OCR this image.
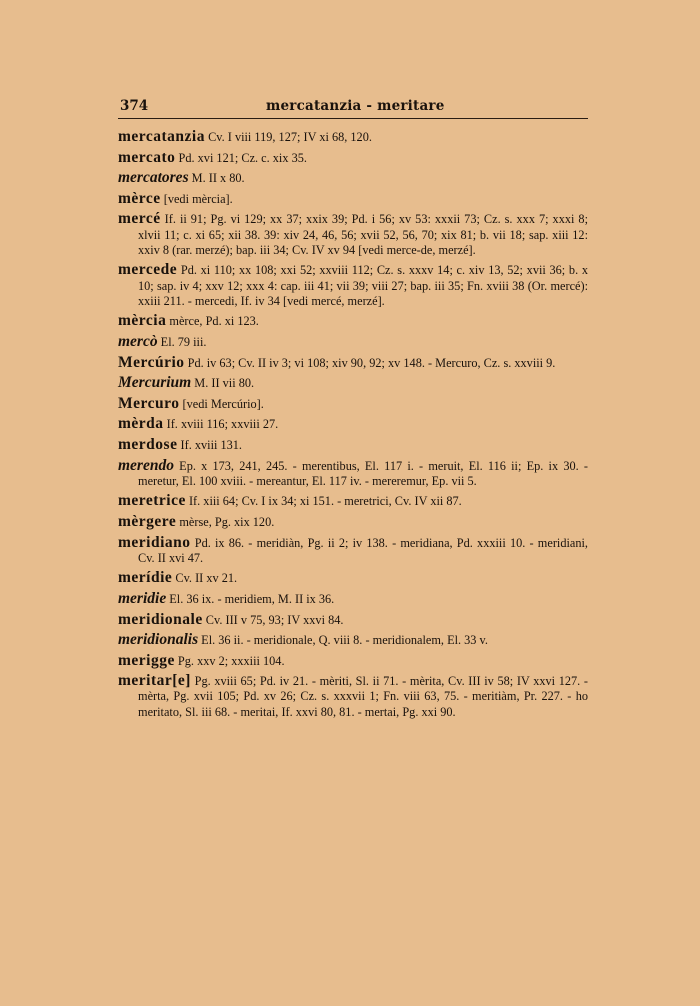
374	mercatanzia - meritare
mercatanzia Cv. I viii 119, 127; IV xi 68, 120.
mercato Pd. xvi 121; Cz. c. xix 35.
mercatores M. II x 80.
mèrce [vedi mèrcia].
mercé If. ii 91; Pg. vi 129; xx 37; xxix 39; Pd. i 56; xv 53: xxxii 73; Cz. s. xxx 7; xxxi 8; xlvii 11; c. xi 65; xii 38. 39: xiv 24, 46, 56; xvii 52, 56, 70; xix 81; b. vii 18; sap. xiii 12: xxiv 8 (rar. merzé); bap. iii 34; Cv. IV xv 94 [vedi merce-de, merzé].
mercede Pd. xi 110; xx 108; xxi 52; xxviii 112; Cz. s. xxxv 14; c. xiv 13, 52; xvii 36; b. x 10; sap. iv 4; xxv 12; xxx 4: cap. iii 41; vii 39; viii 27; bap. iii 35; Fn. xviii 38 (Or. mercé): xxiii 211. - mercedi, If. iv 34 [vedi mercé, merzé].
mèrcia mèrce, Pd. xi 123.
mercò El. 79 iii.
Mercúrio Pd. iv 63; Cv. II iv 3; vi 108; xiv 90, 92; xv 148. - Mercuro, Cz. s. xxviii 9.
Mercurium M. II vii 80.
Mercuro [vedi Mercúrio].
mèrda If. xviii 116; xxviii 27.
merdose If. xviii 131.
merendo Ep. x 173, 241, 245. - merentibus, El. 117 i. - meruit, El. 116 ii; Ep. ix 30. - meretur, El. 100 xviii. - mereantur, El. 117 iv. - mereremur, Ep. vii 5.
meretrice If. xiii 64; Cv. I ix 34; xi 151. - meretrici, Cv. IV xii 87.
mèrgere mèrse, Pg. xix 120.
meridiano Pd. ix 86. - meridiàn, Pg. ii 2; iv 138. - meridiana, Pd. xxxiii 10. - meridiani, Cv. II xvi 47.
merídie Cv. II xv 21.
meridie El. 36 ix. - meridiem, M. II ix 36.
meridionale Cv. III v 75, 93; IV xxvi 84.
meridionalis El. 36 ii. - meridionale, Q. viii 8. - meridionalem, El. 33 v.
merigge Pg. xxv 2; xxxiii 104.
meritar[e] Pg. xviii 65; Pd. iv 21. - mèriti, Sl. ii 71. - mèrita, Cv. III iv 58; IV xxvi 127. - mèrta, Pg. xvii 105; Pd. xv 26; Cz. s. xxxvii 1; Fn. viii 63, 75. - meritiàm, Pr. 227. - ho meritato, Sl. iii 68. - meritai, If. xxvi 80, 81. - mertai, Pg. xxi 90.
